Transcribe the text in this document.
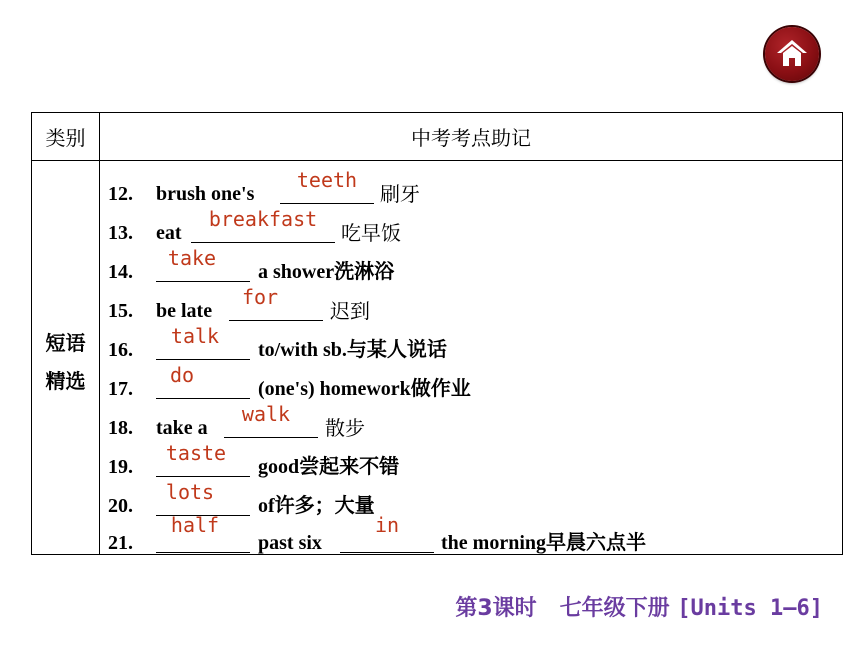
类别	中考考点助记
短语
精选
12. brush one's
teeth
刷牙
13. eat
breakfast
吃早饭
14.
take
a shower洗淋浴
15. be late
for
迟到
16.
talk
to/with sb.与某人说话
17.
do
(one's) homework做作业
18. take a
walk
散步
19.
taste
good尝起来不错
20.
lots
of许多；大量
21.
half
past six
in
the morning早晨六点半
第3课时 七年级下册 [Units 1—6]
